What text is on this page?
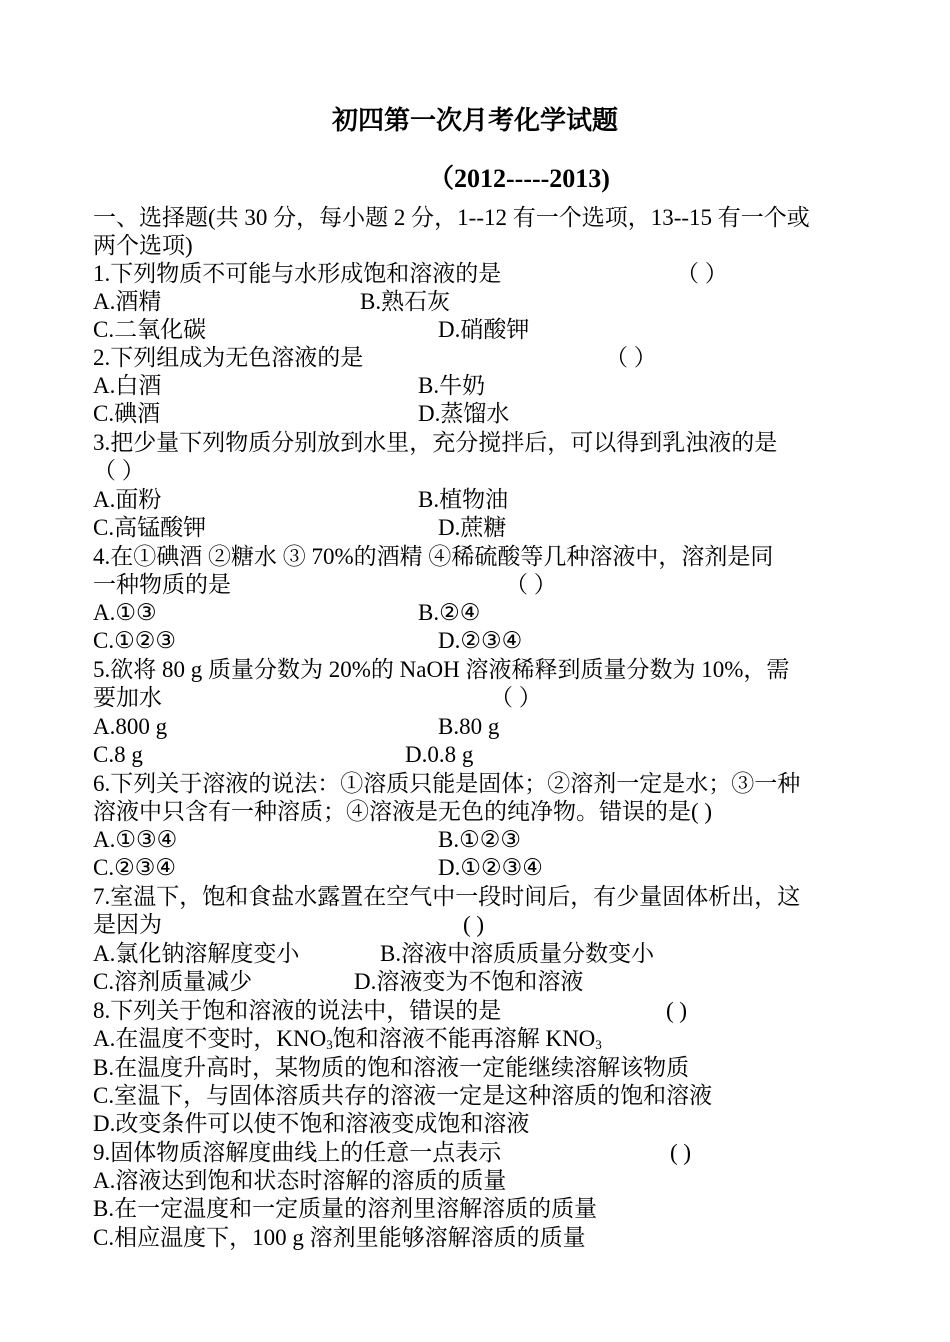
初四第一次月考化学试题
（2012-----2013)
一、选择题(共 30 分，每小题 2 分，1--12 有一个选项，13--15 有一个或
两个选项)
1.下列物质不可能与水形成饱和溶液的是	（ ）
A.酒精	B.熟石灰
C.二氧化碳	D.硝酸钾
2.下列组成为无色溶液的是	（ ）
A.白酒	B.牛奶
C.碘酒	D.蒸馏水
3.把少量下列物质分别放到水里，充分搅拌后，可以得到乳浊液的是
（ ）
A.面粉	B.植物油
C.高锰酸钾	D.蔗糖
4.在①碘酒 ②糖水 ③ 70%的酒精 ④稀硫酸等几种溶液中，溶剂是同
一种物质的是	（ ）
A.①③	B.②④
C.①②③	D.②③④
5.欲将 80 g 质量分数为 20%的 NaOH 溶液稀释到质量分数为 10%，需
要加水	（ ）
A.800 g	B.80 g
C.8 g	D.0.8 g
6.下列关于溶液的说法：①溶质只能是固体；②溶剂一定是水；③一种
溶液中只含有一种溶质；④溶液是无色的纯净物。错误的是( )
A.①③④	B.①②③
C.②③④	D.①②③④
7.室温下，饱和食盐水露置在空气中一段时间后，有少量固体析出，这
是因为	( )
A.氯化钠溶解度变小	B.溶液中溶质质量分数变小
C.溶剂质量减少	D.溶液变为不饱和溶液
8.下列关于饱和溶液的说法中，错误的是	( )
A.在温度不变时，$KNO_3$饱和溶液不能再溶解 $KNO_3$
B.在温度升高时，某物质的饱和溶液一定能继续溶解该物质
C.室温下，与固体溶质共存的溶液一定是这种溶质的饱和溶液
D.改变条件可以使不饱和溶液变成饱和溶液
9.固体物质溶解度曲线上的任意一点表示	( )
A.溶液达到饱和状态时溶解的溶质的质量
B.在一定温度和一定质量的溶剂里溶解溶质的质量
C.相应温度下，100 g 溶剂里能够溶解溶质的质量
